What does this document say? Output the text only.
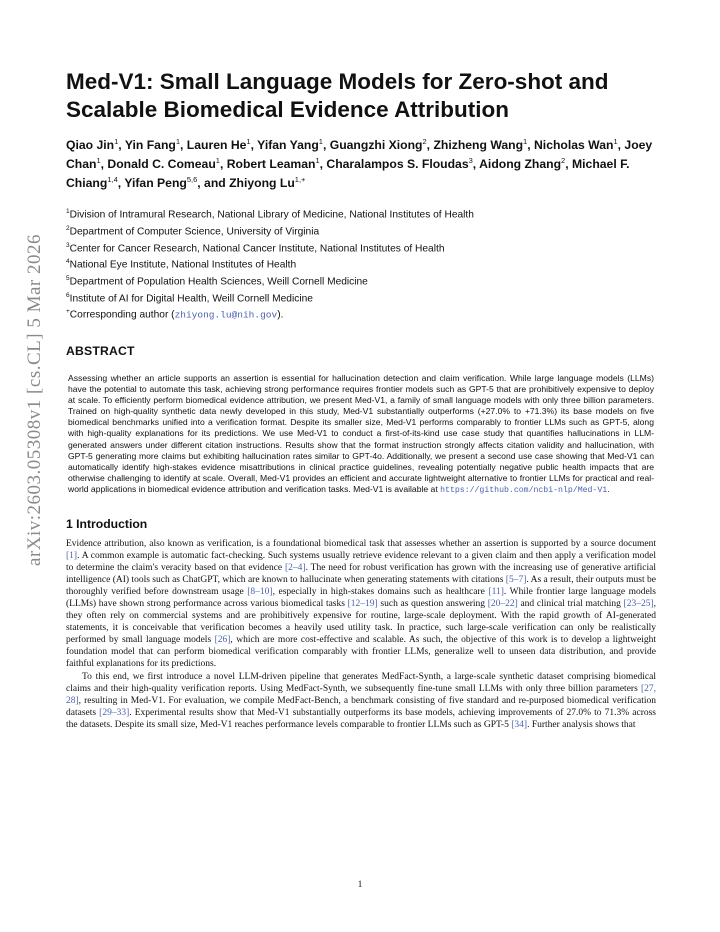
arXiv:2603.05308v1 [cs.CL] 5 Mar 2026
Med-V1: Small Language Models for Zero-shot and Scalable Biomedical Evidence Attribution
Qiao Jin$^1$, Yin Fang$^1$, Lauren He$^1$, Yifan Yang$^1$, Guangzhi Xiong$^2$, Zhizheng Wang$^1$, Nicholas Wan$^1$, Joey Chan$^1$, Donald C. Comeau$^1$, Robert Leaman$^1$, Charalampos S. Floudas$^3$, Aidong Zhang$^2$, Michael F. Chiang$^{1,4}$, Yifan Peng$^{5,6}$, and Zhiyong $Lu^{1,+}$
$^1$Division of Intramural Research, National Library of Medicine, National Institutes of Health
$^2$Department of Computer Science, University of Virginia
$^3$Center for Cancer Research, National Cancer Institute, National Institutes of Health
$^4$National Eye Institute, National Institutes of Health
$^5$Department of Population Health Sciences, Weill Cornell Medicine
$^6$Institute of AI for Digital Health, Weill Cornell Medicine
+Corresponding author (zhiyong.lu@nih.gov).
ABSTRACT
Assessing whether an article supports an assertion is essential for hallucination detection and claim verification. While large language models (LLMs) have the potential to automate this task, achieving strong performance requires frontier models such as GPT-5 that are prohibitively expensive to deploy at scale. To efficiently perform biomedical evidence attribution, we present Med-V1, a family of small language models with only three billion parameters. Trained on high-quality synthetic data newly developed in this study, Med-V1 substantially outperforms (+27.0% to +71.3%) its base models on five biomedical benchmarks unified into a verification format. Despite its smaller size, Med-V1 performs comparably to frontier LLMs such as GPT-5, along with high-quality explanations for its predictions. We use Med-V1 to conduct a first-of-its-kind use case study that quantifies hallucinations in LLM-generated answers under different citation instructions. Results show that the format instruction strongly affects citation validity and hallucination, with GPT-5 generating more claims but exhibiting hallucination rates similar to GPT-4o. Additionally, we present a second use case showing that Med-V1 can automatically identify high-stakes evidence misattributions in clinical practice guidelines, revealing potentially negative public health impacts that are otherwise challenging to identify at scale. Overall, Med-V1 provides an efficient and accurate lightweight alternative to frontier LLMs for practical and real-world applications in biomedical evidence attribution and verification tasks. Med-V1 is available at https://github.com/ncbi-nlp/Med-V1.
1 Introduction

Evidence attribution, also known as verification, is a foundational biomedical task that assesses whether an assertion is supported by a source document [1]. A common example is automatic fact-checking. Such systems usually retrieve evidence relevant to a given claim and then apply a verification model to determine the claim's veracity based on that evidence [2–4]. The need for robust verification has grown with the increasing use of generative artificial intelligence (AI) tools such as ChatGPT, which are known to hallucinate when generating statements with citations [5–7]. As a result, their outputs must be thoroughly verified before downstream usage [8–10], especially in high-stakes domains such as healthcare [11]. While frontier large language models (LLMs) have shown strong performance across various biomedical tasks [12–19] such as question answering [20–22] and clinical trial matching [23–25], they often rely on commercial systems and are prohibitively expensive for routine, large-scale deployment. With the rapid growth of AI-generated statements, it is conceivable that verification becomes a heavily used utility task. In practice, such large-scale verification can only be realistically performed by small language models [26], which are more cost-effective and scalable. As such, the objective of this work is to develop a lightweight foundation model that can perform biomedical verification comparably with frontier LLMs, generalize well to unseen data distribution, and provide faithful explanations for its predictions.

To this end, we first introduce a novel LLM-driven pipeline that generates MedFact-Synth, a large-scale synthetic dataset comprising biomedical claims and their high-quality verification reports. Using MedFact-Synth, we subsequently fine-tune small LLMs with only three billion parameters [27, 28], resulting in Med-V1. For evaluation, we compile MedFact-Bench, a benchmark consisting of five standard and re-purposed biomedical verification datasets [29–33]. Experimental results show that Med-V1 substantially outperforms its base models, achieving improvements of 27.0% to 71.3% across the datasets. Despite its small size, Med-V1 reaches performance levels comparable to frontier LLMs such as GPT-5 [34]. Further analysis shows that

1
